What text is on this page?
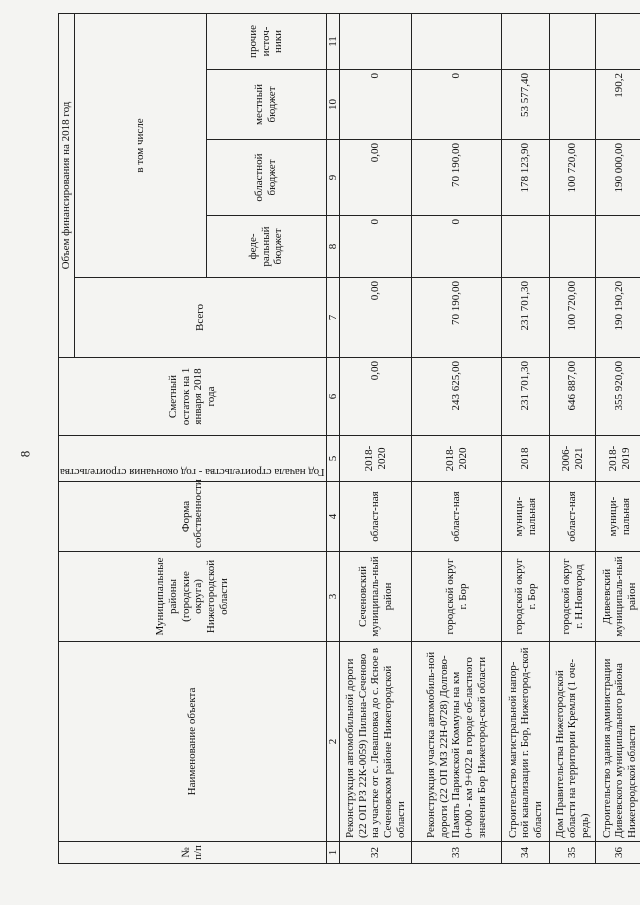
8
№ п/п	Наименование объекта	Муниципальные районы (городские округа) Нижегородской области	Форма собственности	Год начала строительства - год окончания строительства	Сметный остаток на 1 января 2018 года	Объем финансирования на 2018 год				
						Всего	в том числе			
							феде-ральный бюджет	областной бюджет	местный бюджет	прочие источ-ники
1	2	3	4	5	6	7	8	9	10	11
32	Реконструкция автомобильной дороги (22 ОП РЗ 22К-0059) Пильна-Сеченово на участке от с. Левашовка до с. Ясное в Сеченовском районе Нижегородской области	Сеченовский муниципаль-ный район	област-ная	2018-2020	0,00	0,00	0	0,00	0	
33	Реконструкция участка автомобиль-ной дороги (22 ОП МЗ 22Н-0728) Долгово-Память Парижской Коммуны на км 0+000 - км 9+022 в городе об-ластного значения Бор Нижегород-ской области	городской округ г. Бор	област-ная	2018-2020	243 625,00	70 190,00	0	70 190,00	0	
34	Строительство магистральной напор-ной канализации г. Бор, Нижегород-ской области	городской округ г. Бор	муници-пальная	2018	231 701,30	231 701,30		178 123,90	53 577,40	
35	Дом Правительства Нижегородской области на территории Кремля (1 оче-редь)	городской округ г. Н.Новгород	област-ная	2006-2021	646 887,00	100 720,00		100 720,00		
36	Строительство здания администрации Дивеевского муниципального района Нижегородской области	Дивеевский муниципаль-ный район	муници-пальная	2018-2019	355 920,00	190 190,20		190 000,00	190,2	
